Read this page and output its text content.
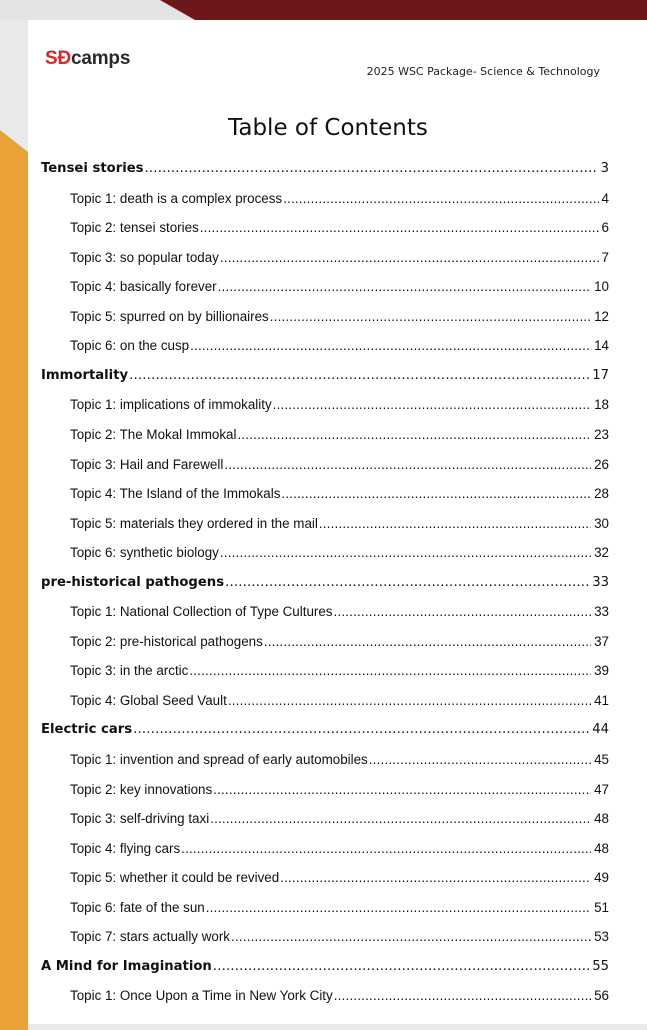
SÐcamps
2025 WSC Package- Science & Technology
Table of Contents
Tensei stories .....	3
Topic 1: death is a complex process .....	4
Topic 2: tensei stories .....	6
Topic 3: so popular today .....	7
Topic 4: basically forever .....	10
Topic 5: spurred on by billionaires .....	12
Topic 6: on the cusp .....	14
Immortality .....	17
Topic 1: implications of immokality .....	18
Topic 2: The Mokal Immokal .....	23
Topic 3: Hail and Farewell .....	26
Topic 4: The Island of the Immokals .....	28
Topic 5: materials they ordered in the mail .....	30
Topic 6: synthetic biology .....	32
pre-historical pathogens .....	33
Topic 1: National Collection of Type Cultures .....	33
Topic 2: pre-historical pathogens .....	37
Topic 3: in the arctic .....	39
Topic 4: Global Seed Vault .....	41
Electric cars .....	44
Topic 1: invention and spread of early automobiles .....	45
Topic 2: key innovations .....	47
Topic 3: self-driving taxi .....	48
Topic 4: flying cars .....	48
Topic 5: whether it could be revived .....	49
Topic 6: fate of the sun .....	51
Topic 7: stars actually work .....	53
A Mind for Imagination .....	55
Topic 1: Once Upon a Time in New York City .....	56
